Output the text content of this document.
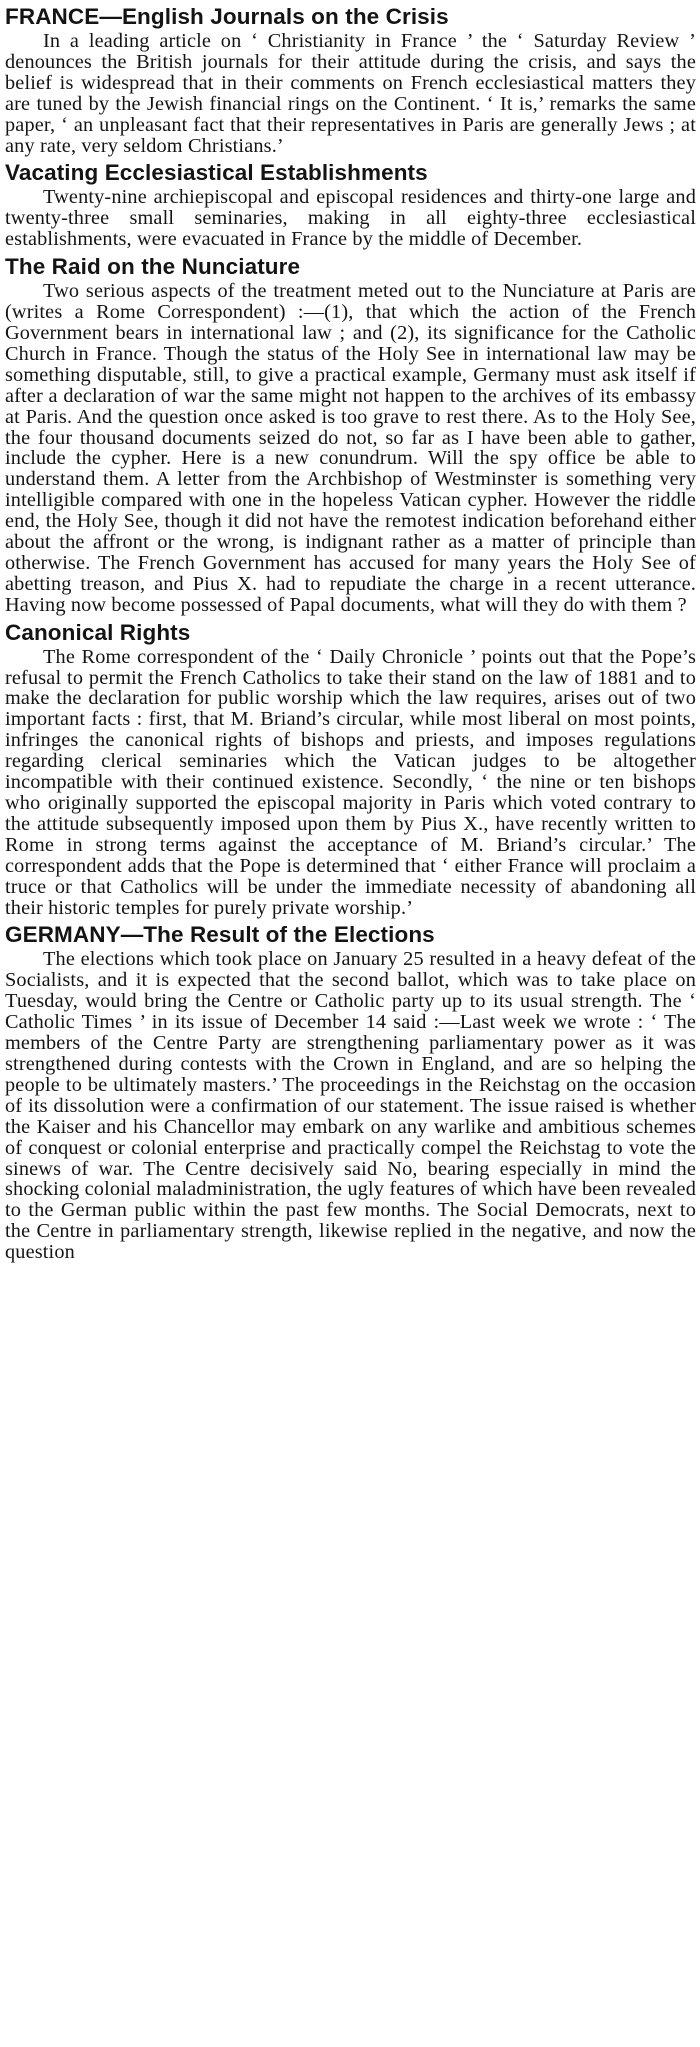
FRANCE—English Journals on the Crisis

In a leading article on ‘ Christianity in France ’ the ‘ Saturday Review ’ denounces the British journals for their attitude during the crisis, and says the belief is widespread that in their comments on French ecclesiastical matters they are tuned by the Jewish financial rings on the Continent. ‘ It is,’ remarks the same paper, ‘ an unpleasant fact that their representatives in Paris are generally Jews ; at any rate, very seldom Christians.’

Vacating Ecclesiastical Establishments

Twenty-nine archiepiscopal and episcopal residences and thirty-one large and twenty-three small seminaries, making in all eighty-three ecclesiastical establishments, were evacuated in France by the middle of December.

The Raid on the Nunciature

Two serious aspects of the treatment meted out to the Nunciature at Paris are (writes a Rome Correspondent) :—(1), that which the action of the French Government bears in international law ; and (2), its significance for the Catholic Church in France. Though the status of the Holy See in international law may be something disputable, still, to give a practical example, Germany must ask itself if after a declaration of war the same might not happen to the archives of its embassy at Paris. And the question once asked is too grave to rest there. As to the Holy See, the four thousand documents seized do not, so far as I have been able to gather, include the cypher. Here is a new conundrum. Will the spy office be able to understand them. A letter from the Archbishop of Westminster is something very intelligible compared with one in the hopeless Vatican cypher. However the riddle end, the Holy See, though it did not have the remotest indication beforehand either about the affront or the wrong, is indignant rather as a matter of principle than otherwise. The French Government has accused for many years the Holy See of abetting treason, and Pius X. had to repudiate the charge in a recent utterance. Having now become possessed of Papal documents, what will they do with them ?

Canonical Rights

The Rome correspondent of the ‘ Daily Chronicle ’ points out that the Pope’s refusal to permit the French Catholics to take their stand on the law of 1881 and to make the declaration for public worship which the law requires, arises out of two important facts : first, that M. Briand’s circular, while most liberal on most points, infringes the canonical rights of bishops and priests, and imposes regulations regarding clerical seminaries which the Vatican judges to be altogether incompatible with their continued existence. Secondly, ‘ the nine or ten bishops who originally supported the episcopal majority in Paris which voted contrary to the attitude subsequently imposed upon them by Pius X., have recently written to Rome in strong terms against the acceptance of M. Briand’s circular.’ The correspondent adds that the Pope is determined that ‘ either France will proclaim a truce or that Catholics will be under the immediate necessity of abandoning all their historic temples for purely private worship.’

GERMANY—The Result of the Elections

The elections which took place on January 25 resulted in a heavy defeat of the Socialists, and it is expected that the second ballot, which was to take place on Tuesday, would bring the Centre or Catholic party up to its usual strength. The ‘ Catholic Times ’ in its issue of December 14 said :—Last week we wrote : ‘ The members of the Centre Party are strengthening parliamentary power as it was strengthened during contests with the Crown in England, and are so helping the people to be ultimately masters.’ The proceedings in the Reichstag on the occasion of its dissolution were a confirmation of our statement. The issue raised is whether the Kaiser and his Chancellor may embark on any warlike and ambitious schemes of conquest or colonial enterprise and practically compel the Reichstag to vote the sinews of war. The Centre decisively said No, bearing especially in mind the shocking colonial maladministration, the ugly features of which have been revealed to the German public within the past few months. The Social Democrats, next to the Centre in parliamentary strength, likewise replied in the negative, and now the question
